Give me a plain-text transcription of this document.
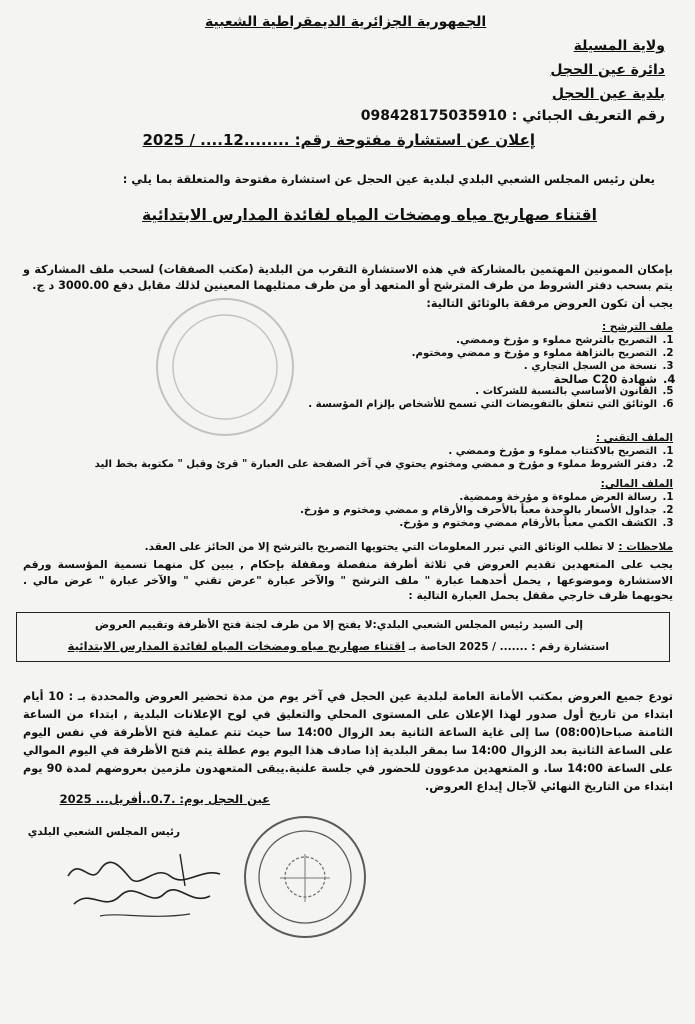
الجمهورية الجزائرية الديمقراطية الشعبية
ولاية المسيلة
دائرة عين الحجل
بلدية عين الحجل
رقم التعريف الجبائي : 098428175035910
إعلان عن استشارة مفتوحة رقم: ........12.... / 2025
يعلن رئيس المجلس الشعبي البلدي لبلدية عين الحجل عن استشارة مفتوحة والمتعلقة بما يلي :
اقتناء صهاريج مياه ومضخات المياه لفائدة المدارس الابتدائية

بإمكان الممونين المهتمين بالمشاركة في هذه الاستشارة التقرب من البلدية (مكتب الصفقات) لسحب ملف المشاركة و يتم بسحب دفتر الشروط من طرف المترشح أو المتعهد أو من طرف ممثليهما المعينين لذلك مقابل دفع 3000.00 د ج.

يجب أن تكون العروض مرفقة بالوثائق التالية:

ملف الترشح :
1. التصريح بالترشح مملوء و مؤرخ وممضي.
2. التصريح بالنزاهة مملوء و مؤرخ و ممضي ومختوم.
3. نسخة من السجل التجاري .
4. شهادة C20 صالحة
5. القانون الأساسي بالنسبة للشركات .
6. الوثائق التي تتعلق بالتفويضات التي تسمح للأشخاص بإلزام المؤسسة .
الملف التقني :
1. التصريح بالاكتتاب مملوء و مؤرخ وممضي .
2. دفتر الشروط مملوء و مؤرخ و ممضي ومختوم يحتوي في آخر الصفحة على العبارة " قرئ وقبل " مكتوبة بخط اليد
الملف المالي:
1. رسالة العرض مملوءة و مؤرخة وممضية.
2. جداول الأسعار بالوحدة معبأ بالأحرف والأرقام و ممضي ومختوم و مؤرخ.
3. الكشف الكمي معبأ بالأرقام ممضي ومختوم و مؤرخ.
ملاحظات : لا تطلب الوثائق التي تبرر المعلومات التي يحتويها التصريح بالترشح إلا من الحائز على العقد.

يجب على المتعهدين تقديم العروض في ثلاثة أظرفة منفصلة ومقفلة بإحكام , يبين كل منهما تسمية المؤسسة ورقم الاستشارة وموضوعها , يحمل أحدهما عبارة " ملف الترشح " والآخر عبارة "عرض تقني " والآخر عبارة " عرض مالي . يحويهما ظرف خارجي مقفل يحمل العبارة التالية :

إلى السيد رئيس المجلس الشعبي البلدي:لا يفتح إلا من طرف لجنة فتح الأظرفة وتقييم العروض
استشارة رقم : ....... / 2025 الخاصة بـ اقتناء صهاريج مياه ومضخات المياه لفائدة المدارس الابتدائية

تودع جميع العروض بمكتب الأمانة العامة لبلدية عين الحجل في آخر يوم من مدة تحضير العروض والمحددة بـ : 10 أيام ابتداء من تاريخ أول صدور لهذا الإعلان على المستوى المحلي والتعليق في لوح الإعلانات البلدية , ابتداء من الساعة الثامنة صباحا(08:00) سا إلى غاية الساعة الثانية بعد الزوال 14:00 سا حيث تتم عملية فتح الأظرفة في نفس اليوم على الساعة الثانية بعد الزوال 14:00 سا بمقر البلدية إذا صادف هذا اليوم يوم عطلة يتم فتح الأظرفة في اليوم الموالي على الساعة 14:00 سا. و المتعهدين مدعوون للحضور في جلسة علنية.يبقى المتعهدون ملزمين بعروضهم لمدة 90 يوم ابتداء من التاريخ النهائي لآجال إيداع العروض.

عين الحجل يوم: .0.7..أفريل... 2025
رئيس المجلس الشعبي البلدي
